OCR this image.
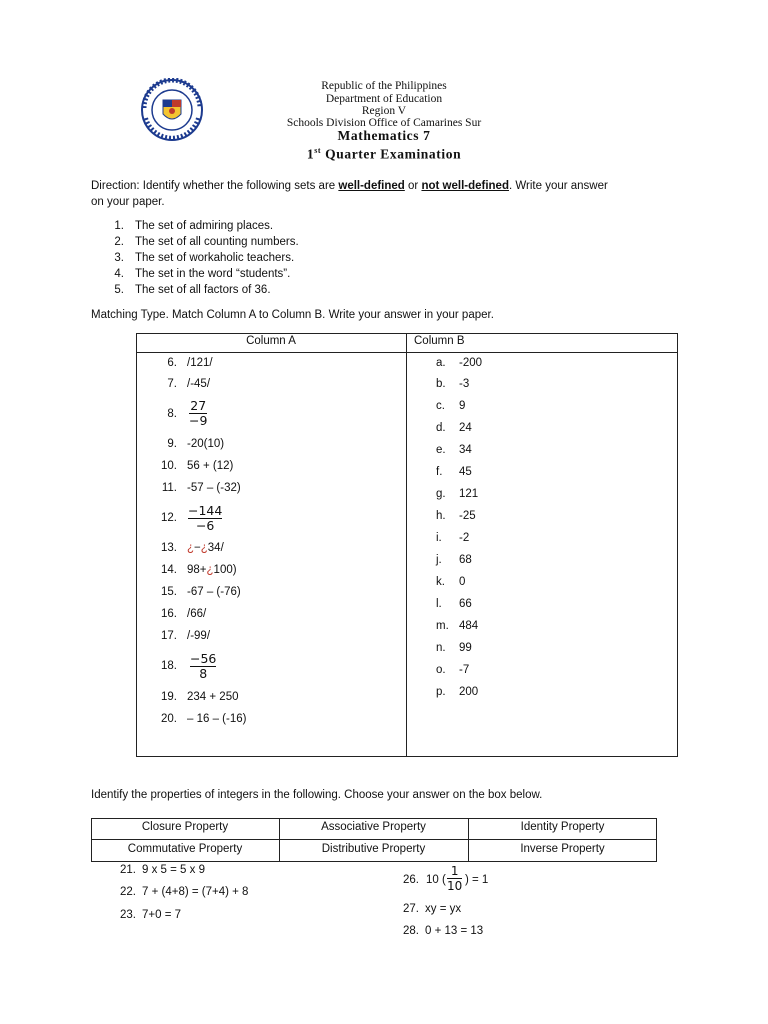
Republic of the Philippines
Department of Education
Region V
Schools Division Office of Camarines Sur
Mathematics 7
1st Quarter Examination
Direction: Identify whether the following sets are well-defined or not well-defined. Write your answer
on your paper.
1. The set of admiring places.
2. The set of all counting numbers.
3. The set of workaholic teachers.
4. The set in the word “students”.
5. The set of all factors of 36.
Matching Type. Match Column A to Column B. Write your answer in your paper.
Column A	Column B
6. /121/
7. /-45/
8.
27
−9
9. -20(10)
10. 56 + (12)
11. -57 – (-32)
12. −144
−6
13. ¿−¿34/
14. 98+¿100)
15. -67 – (-76)
16. /66/
17. /-99/
18. −56
8
19. 234 + 250
20. – 16 – (-16)
a. -200
b. -3
c. 9
d. 24
e. 34
f. 45
g. 121
h. -25
i. -2
j. 68
k. 0
l. 66
m. 484
n. 99
o. -7
p. 200
Identify the properties of integers in the following. Choose your answer on the box below.
Closure Property	Associative Property	Identity Property
Commutative Property	Distributive Property	Inverse Property
21. 9 x 5 = 5 x 9
22. 7 + (4+8) = (7+4) + 8
23. 7+0 = 7
26. 10 (
1
10 ) = 1
27. xy = yx
28. 0 + 13 = 13
